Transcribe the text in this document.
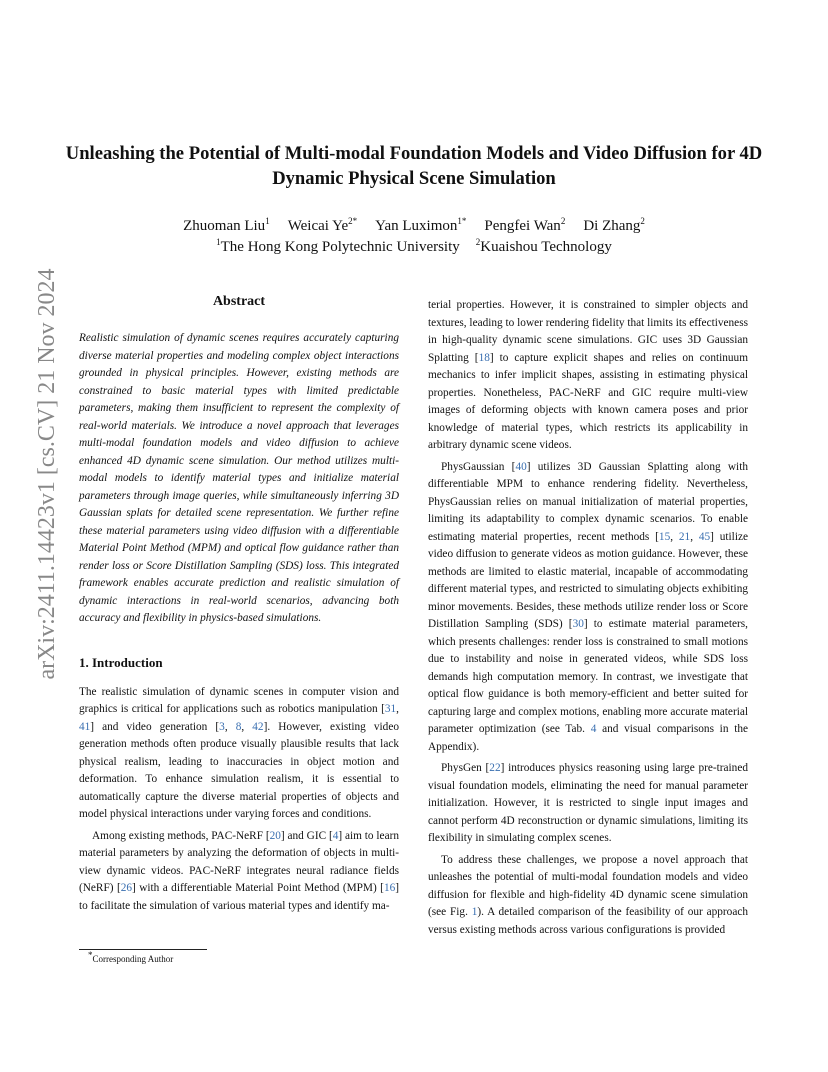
Unleashing the Potential of Multi-modal Foundation Models and Video Diffusion for 4D Dynamic Physical Scene Simulation
Zhuoman Liu$^1$ Weicai $Ye^{2*}$ Yan Luximon$^{1*}$ Pengfei Wan$^2$ Di Zhang$^2$
$^1$The Hong Kong Polytechnic University $^2$Kuaishou Technology
arXiv:2411.14423v1 [cs.CV] 21 Nov 2024	Abstract

Realistic simulation of dynamic scenes requires accurately capturing diverse material properties and modeling complex object interactions grounded in physical principles. However, existing methods are constrained to basic material types with limited predictable parameters, making them insufficient to represent the complexity of real-world materials. We introduce a novel approach that leverages multi-modal foundation models and video diffusion to achieve enhanced 4D dynamic scene simulation. Our method utilizes multi-modal models to identify material types and initialize material parameters through image queries, while simultaneously inferring 3D Gaussian splats for detailed scene representation. We further refine these material parameters using video diffusion with a differentiable Material Point Method (MPM) and optical flow guidance rather than render loss or Score Distillation Sampling (SDS) loss. This integrated framework enables accurate prediction and realistic simulation of dynamic interactions in real-world scenarios, advancing both accuracy and flexibility in physics-based simulations.

1. Introduction

The realistic simulation of dynamic scenes in computer vision and graphics is critical for applications such as robotics manipulation [31, 41] and video generation [3, 8, 42]. However, existing video generation methods often produce visually plausible results that lack physical realism, leading to inaccuracies in object motion and deformation. To enhance simulation realism, it is essential to automatically capture the diverse material properties of objects and model physical interactions under varying forces and conditions.

Among existing methods, PAC-NeRF [20] and GIC [4] aim to learn material parameters by analyzing the deformation of objects in multi-view dynamic videos. PAC-NeRF integrates neural radiance fields (NeRF) [26] with a differentiable Material Point Method (MPM) [16] to facilitate the simulation of various material types and identify ma-

terial properties. However, it is constrained to simpler objects and textures, leading to lower rendering fidelity that limits its effectiveness in high-quality dynamic scene simulations. GIC uses 3D Gaussian Splatting [18] to capture explicit shapes and relies on continuum mechanics to infer implicit shapes, assisting in estimating physical properties. Nonetheless, PAC-NeRF and GIC require multi-view images of deforming objects with known camera poses and prior knowledge of material types, which restricts its applicability in arbitrary dynamic scene videos.

PhysGaussian [40] utilizes 3D Gaussian Splatting along with differentiable MPM to enhance rendering fidelity. Nevertheless, PhysGaussian relies on manual initialization of material properties, limiting its adaptability to complex dynamic scenarios. To enable estimating material properties, recent methods [15, 21, 45] utilize video diffusion to generate videos as motion guidance. However, these methods are limited to elastic material, incapable of accommodating different material types, and restricted to simulating objects exhibiting minor movements. Besides, these methods utilize render loss or Score Distillation Sampling (SDS) [30] to estimate material parameters, which presents challenges: render loss is constrained to small motions due to instability and noise in generated videos, while SDS loss demands high computation memory. In contrast, we investigate that optical flow guidance is both memory-efficient and better suited for capturing large and complex motions, enabling more accurate material parameter optimization (see Tab. 4 and visual comparisons in the Appendix).

PhysGen [22] introduces physics reasoning using large pre-trained visual foundation models, eliminating the need for manual parameter initialization. However, it is restricted to single input images and cannot perform 4D reconstruction or dynamic simulations, limiting its flexibility in simulating complex scenes.

To address these challenges, we propose a novel approach that unleashes the potential of multi-modal foundation models and video diffusion for flexible and high-fidelity 4D dynamic scene simulation (see Fig. 1). A detailed comparison of the feasibility of our approach versus existing methods across various configurations is provided

*Corresponding Author
